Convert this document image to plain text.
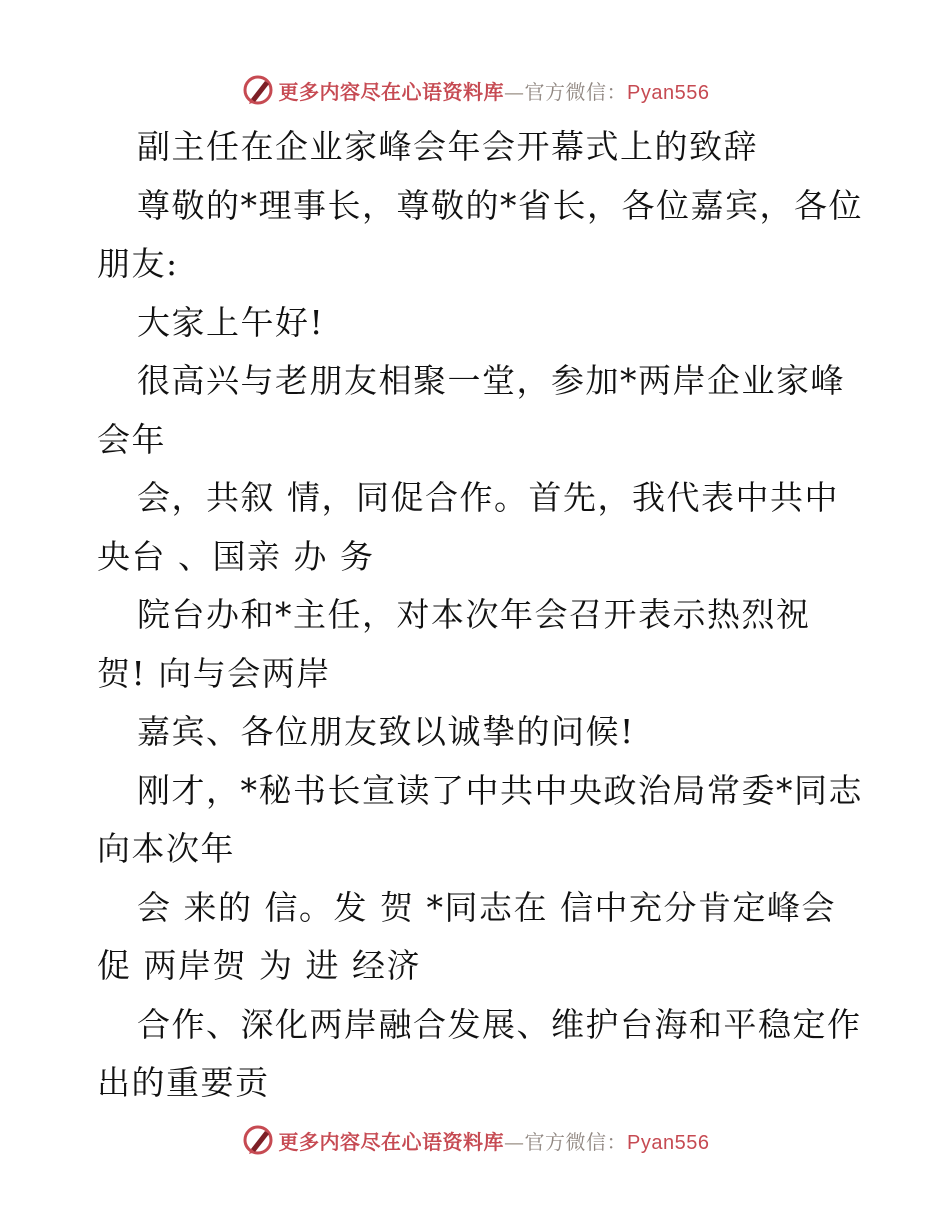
更多内容尽在心语资料库—官方微信：Pyan556
副主任在企业家峰会年会开幕式上的致辞
尊敬的*理事长，尊敬的*省长，各位嘉宾，各位
朋友:
大家上午好!
很高兴与老朋友相聚一堂，参加*两岸企业家峰
会年
会，共叙 情，同促合作。首先，我代表中共中
央台 、国亲 办 务
院台办和*主任，对本次年会召开表示热烈祝
贺! 向与会两岸
嘉宾、各位朋友致以诚挚的问候!
刚才，*秘书长宣读了中共中央政治局常委*同志
向本次年
会 来的 信。发 贺 *同志在 信中充分肯定峰会
促 两岸贺 为 进 经济
合作、深化两岸融合发展、维护台海和平稳定作
出的重要贡
更多内容尽在心语资料库—官方微信：Pyan556
